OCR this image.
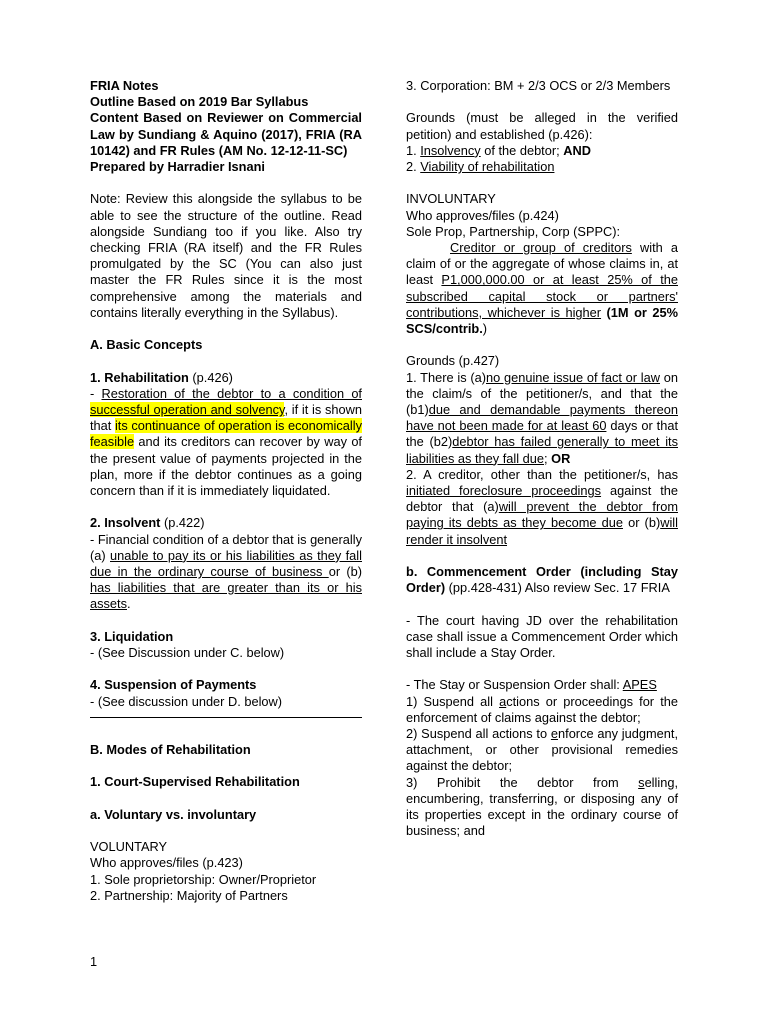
FRIA Notes

Outline Based on 2019 Bar Syllabus

Content Based on Reviewer on Commercial Law by Sundiang & Aquino (2017), FRIA (RA 10142) and FR Rules (AM No. 12-12-11-SC)

Prepared by Harradier Isnani

Note: Review this alongside the syllabus to be able to see the structure of the outline. Read alongside Sundiang too if you like. Also try checking FRIA (RA itself) and the FR Rules promulgated by the SC (You can also just master the FR Rules since it is the most comprehensive among the materials and contains literally everything in the Syllabus).

A. Basic Concepts

1. Rehabilitation (p.426)

- Restoration of the debtor to a condition of successful operation and solvency, if it is shown that its continuance of operation is economically feasible and its creditors can recover by way of the present value of payments projected in the plan, more if the debtor continues as a going concern than if it is immediately liquidated.

2. Insolvent (p.422)

- Financial condition of a debtor that is generally (a) unable to pay its or his liabilities as they fall due in the ordinary course of business or (b) has liabilities that are greater than its or his assets.

3. Liquidation

- (See Discussion under C. below)

4. Suspension of Payments

- (See discussion under D. below)

B. Modes of Rehabilitation

1. Court-Supervised Rehabilitation

a. Voluntary vs. involuntary

VOLUNTARY

Who approves/files (p.423)

1. Sole proprietorship: Owner/Proprietor

2. Partnership: Majority of Partners

3. Corporation: BM + 2/3 OCS or 2/3 Members

Grounds (must be alleged in the verified petition) and established (p.426):

1. Insolvency of the debtor; AND

2. Viability of rehabilitation

INVOLUNTARY

Who approves/files (p.424)

Sole Prop, Partnership, Corp (SPPC):

Creditor or group of creditors with a claim of or the aggregate of whose claims in, at least P1,000,000.00 or at least 25% of the subscribed capital stock or partners' contributions, whichever is higher (1M or 25% SCS/contrib.)

Grounds (p.427)

1. There is (a)no genuine issue of fact or law on the claim/s of the petitioner/s, and that the (b1)due and demandable payments thereon have not been made for at least 60 days or that the (b2)debtor has failed generally to meet its liabilities as they fall due; OR

2. A creditor, other than the petitioner/s, has initiated foreclosure proceedings against the debtor that (a)will prevent the debtor from paying its debts as they become due or (b)will render it insolvent

b. Commencement Order (including Stay Order) (pp.428-431) Also review Sec. 17 FRIA

- The court having JD over the rehabilitation case shall issue a Commencement Order which shall include a Stay Order.

- The Stay or Suspension Order shall: APES

1) Suspend all actions or proceedings for the enforcement of claims against the debtor;

2) Suspend all actions to enforce any judgment, attachment, or other provisional remedies against the debtor;

3) Prohibit the debtor from selling, encumbering, transferring, or disposing any of its properties except in the ordinary course of business; and

1
